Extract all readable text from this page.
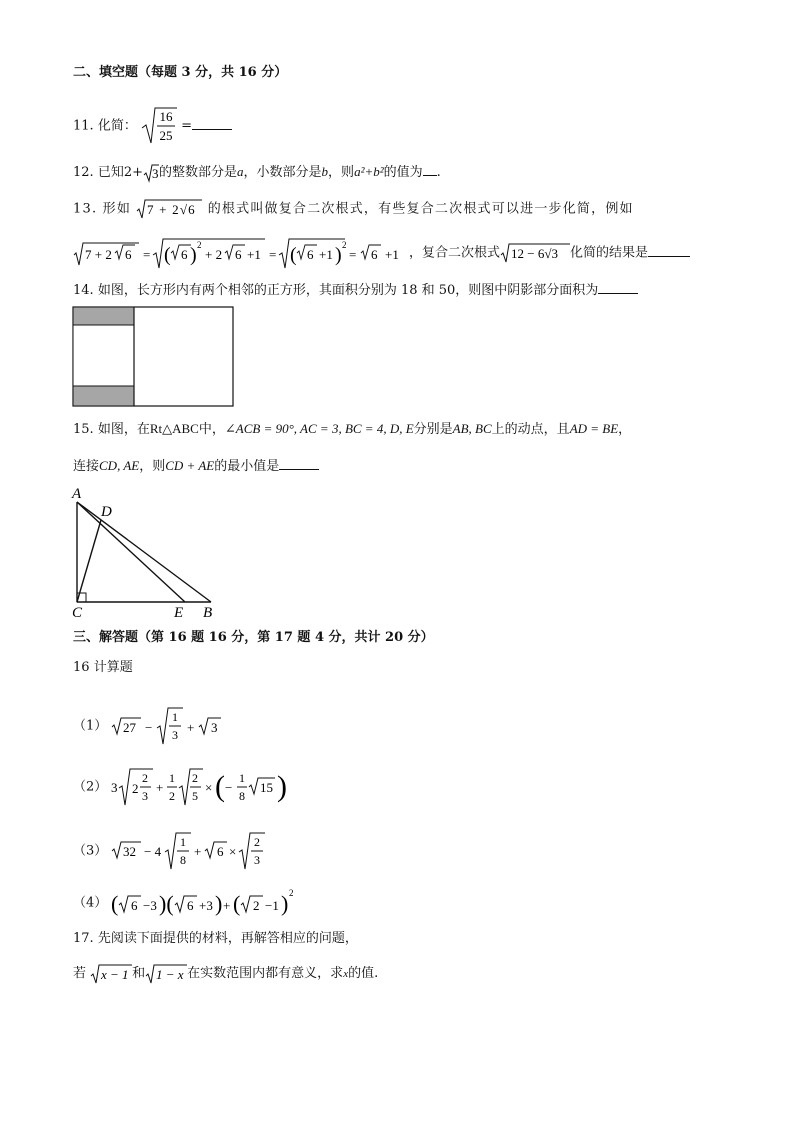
二、填空题（每题 3 分，共 16 分）
11. 化简：
16
25
=
12. 已知2+ 3 的整数部分是a，小数部分是b，则a²+b²的值为 .
13. 形如 7 + 2√6 的根式叫做复合二次根式，有些复合二次根式可以进一步化简，例如
7 + 2 6 = ( 6 ) 2
+ 2 6 +1 = ( 6 +1 ) 2
= 6 +1 ，复合二次根式 12 − 6√3 化简的结果是
14. 如图，长方形内有两个相邻的正方形，其面积分别为 18 和 50，则图中阴影部分面积为
15. 如图，在Rt△ABC中，∠ACB = 90°, AC = 3, BC = 4, D, E分别是AB, BC上的动点，且AD = BE，
连接CD, AE，则CD + AE的最小值是
A
D
C	E B
三、解答题（第 16 题 16 分，第 17 题 4 分，共计 20 分）
16 计算题
（1） 27 −
1
3 + 3
（2） 3 2
2
3
+
1
2
2
5
× ( −
1
8
15 )
（3） 32 − 4
1
8
+ 6 ×
2
3
（4） ( 6 −3 )( 6 +3 ) + ( 2 −1 ) 2
17. 先阅读下面提供的材料，再解答相应的问题，
若 x − 1 和 1 − x 在实数范围内都有意义，求x的值.
